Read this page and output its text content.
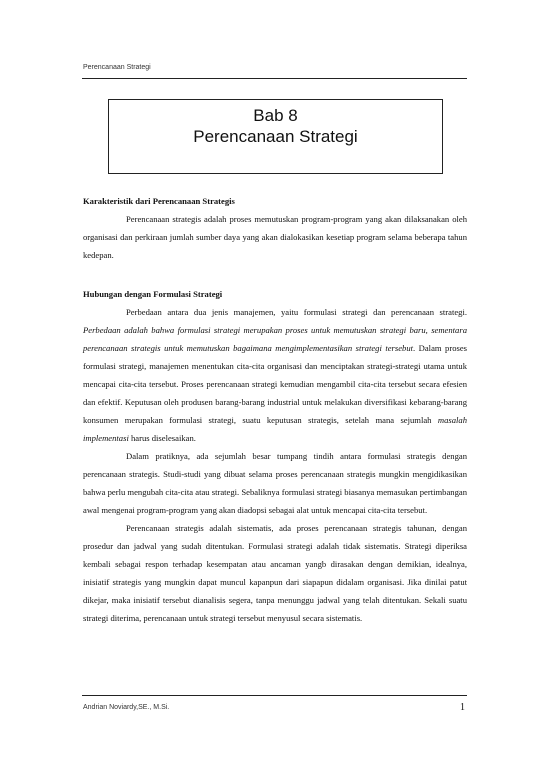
Perencanaan Strategi
Bab 8
Perencanaan Strategi
Karakteristik dari Perencanaan Strategis

Perencanaan strategis adalah proses memutuskan program-program yang akan dilaksanakan oleh organisasi dan perkiraan jumlah sumber daya yang akan dialokasikan kesetiap program selama beberapa tahun kedepan.

Hubungan dengan Formulasi Strategi

Perbedaan antara dua jenis manajemen, yaitu formulasi strategi dan perencanaan strategi. Perbedaan adalah bahwa formulasi strategi merupakan proses untuk memutuskan strategi baru, sementara perencanaan strategis untuk memutuskan bagaimana mengimplementasikan strategi tersebut. Dalam proses formulasi strategi, manajemen menentukan cita-cita organisasi dan menciptakan strategi-strategi utama untuk mencapai cita-cita tersebut. Proses perencanaan strategi kemudian mengambil cita-cita tersebut secara efesien dan efektif. Keputusan oleh produsen barang-barang industrial untuk melakukan diversifikasi kebarang-barang konsumen merupakan formulasi strategi, suatu keputusan strategis, setelah mana sejumlah masalah implementasi harus diselesaikan.

Dalam pratiknya, ada sejumlah besar tumpang tindih antara formulasi strategis dengan perencanaan strategis. Studi-studi yang dibuat selama proses perencanaan strategis mungkin mengidikasikan bahwa perlu mengubah cita-cita atau strategi. Sebaliknya formulasi strategi biasanya memasukan pertimbangan awal mengenai program-program yang akan diadopsi sebagai alat untuk mencapai cita-cita tersebut.

Perencanaan strategis adalah sistematis, ada proses perencanaan strategis tahunan, dengan prosedur dan jadwal yang sudah ditentukan. Formulasi strategi adalah tidak sistematis. Strategi diperiksa kembali sebagai respon terhadap kesempatan atau ancaman yangb dirasakan dengan demikian, idealnya, inisiatif strategis yang mungkin dapat muncul kapanpun dari siapapun didalam organisasi. Jika dinilai patut dikejar, maka inisiatif tersebut dianalisis segera, tanpa menunggu jadwal yang telah ditentukan. Sekali suatu strategi diterima, perencanaan untuk strategi tersebut menyusul secara sistematis.

Andrian Noviardy,SE., M.Si.	1
